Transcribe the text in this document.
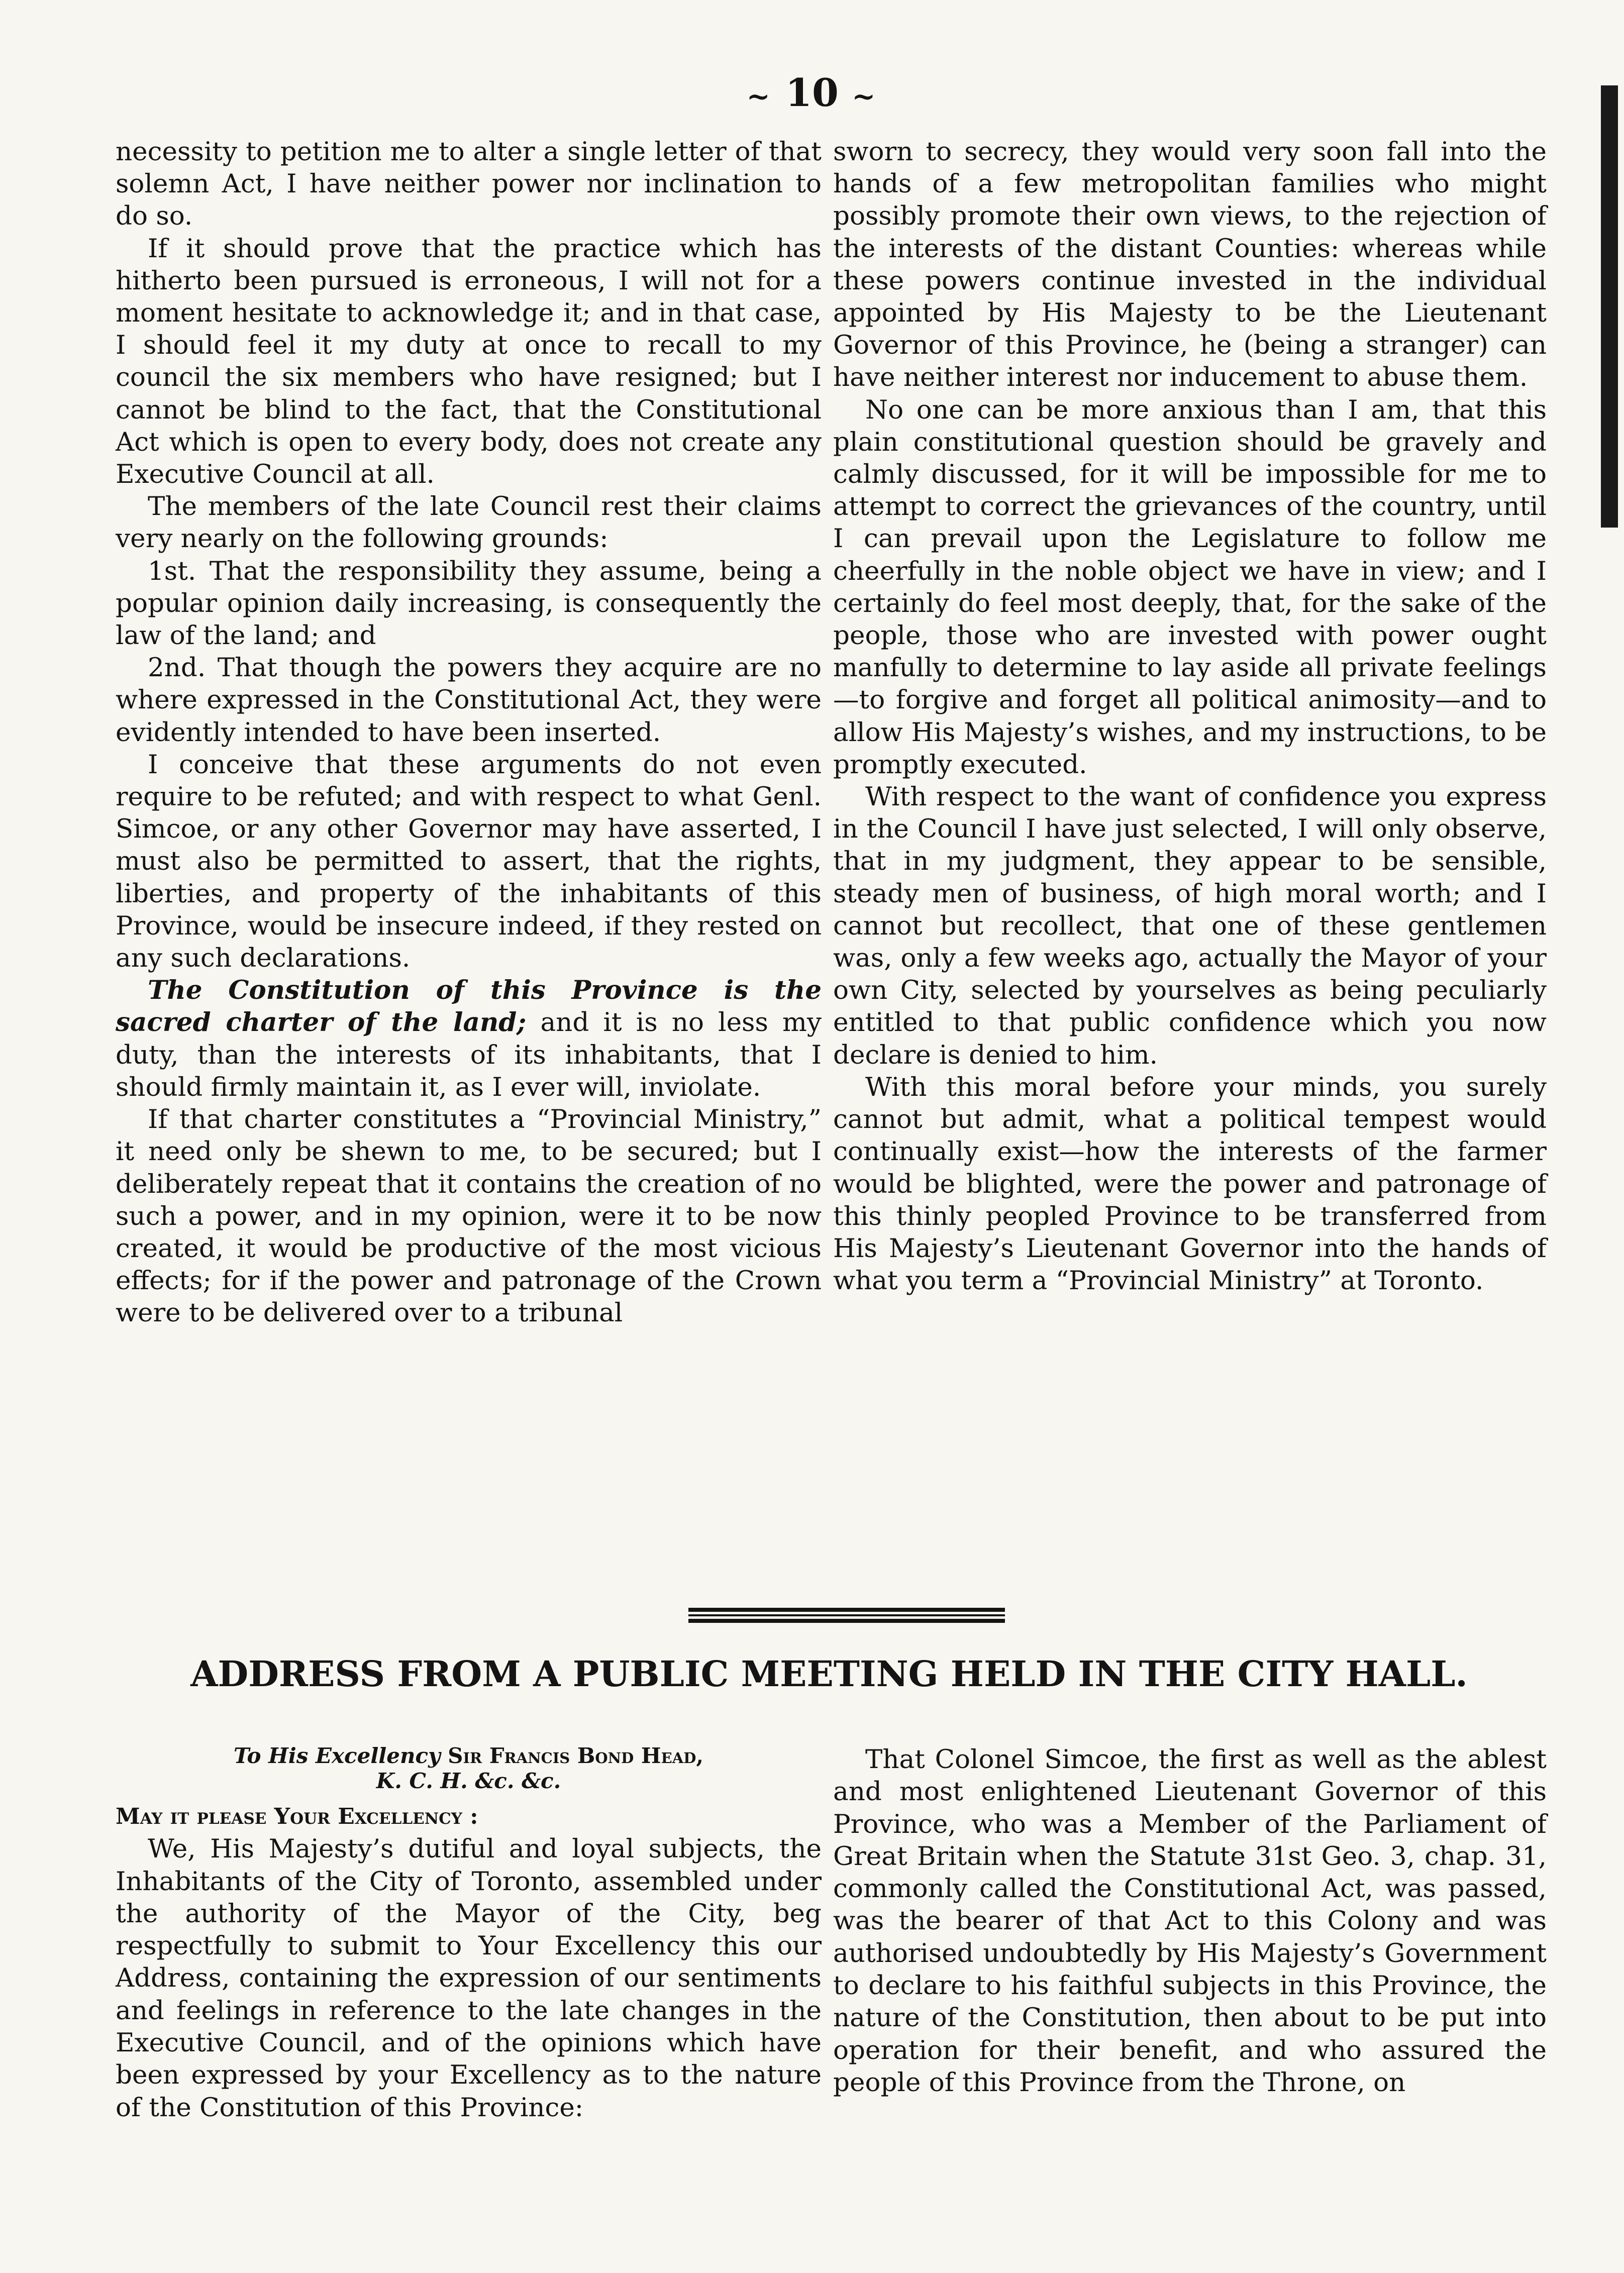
~ 10 ~

necessity to petition me to alter a single letter of that solemn Act, I have neither power nor inclination to do so.

If it should prove that the practice which has hitherto been pursued is erroneous, I will not for a moment hesitate to acknowledge it; and in that case, I should feel it my duty at once to recall to my council the six members who have resigned; but I cannot be blind to the fact, that the Constitutional Act which is open to every body, does not create any Executive Council at all.

The members of the late Council rest their claims very nearly on the following grounds:

1st. That the responsibility they assume, being a popular opinion daily increasing, is consequently the law of the land; and

2nd. That though the powers they acquire are no where expressed in the Constitutional Act, they were evidently intended to have been inserted.

I conceive that these arguments do not even require to be refuted; and with respect to what Genl. Simcoe, or any other Governor may have asserted, I must also be permitted to assert, that the rights, liberties, and property of the inhabitants of this Province, would be insecure indeed, if they rested on any such declarations.

The Constitution of this Province is the sacred charter of the land; and it is no less my duty, than the interests of its inhabitants, that I should firmly maintain it, as I ever will, inviolate.

If that charter constitutes a “Provincial Ministry,” it need only be shewn to me, to be secured; but I deliberately repeat that it contains the creation of no such a power, and in my opinion, were it to be now created, it would be productive of the most vicious effects; for if the power and patronage of the Crown were to be delivered over to a tribunal

sworn to secrecy, they would very soon fall into the hands of a few metropolitan families who might possibly promote their own views, to the rejection of the interests of the distant Counties: whereas while these powers continue invested in the individual appointed by His Majesty to be the Lieutenant Governor of this Province, he (being a stranger) can have neither interest nor inducement to abuse them.

No one can be more anxious than I am, that this plain constitutional question should be gravely and calmly discussed, for it will be impossible for me to attempt to correct the grievances of the country, until I can prevail upon the Legislature to follow me cheerfully in the noble object we have in view; and I certainly do feel most deeply, that, for the sake of the people, those who are invested with power ought manfully to determine to lay aside all private feelings—to forgive and forget all political animosity—and to allow His Majesty’s wishes, and my instructions, to be promptly executed.

With respect to the want of confidence you express in the Council I have just selected, I will only observe, that in my judgment, they appear to be sensible, steady men of business, of high moral worth; and I cannot but recollect, that one of these gentlemen was, only a few weeks ago, actually the Mayor of your own City, selected by yourselves as being peculiarly entitled to that public confidence which you now declare is denied to him.

With this moral before your minds, you surely cannot but admit, what a political tempest would continually exist—how the interests of the farmer would be blighted, were the power and patronage of this thinly peopled Province to be transferred from His Majesty’s Lieutenant Governor into the hands of what you term a “Provincial Ministry” at Toronto.

ADDRESS FROM A PUBLIC MEETING HELD IN THE CITY HALL.

To His Excellency Sir Francis Bond Head,
K. C. H. &c. &c.

May it please Your Excellency :

We, His Majesty’s dutiful and loyal subjects, the Inhabitants of the City of Toronto, assembled under the authority of the Mayor of the City, beg respectfully to submit to Your Excellency this our Address, containing the expression of our sentiments and feelings in reference to the late changes in the Executive Council, and of the opinions which have been expressed by your Excellency as to the nature of the Constitution of this Province:

That Colonel Simcoe, the first as well as the ablest and most enlightened Lieutenant Governor of this Province, who was a Member of the Parliament of Great Britain when the Statute 31st Geo. 3, chap. 31, commonly called the Constitutional Act, was passed, was the bearer of that Act to this Colony and was authorised undoubtedly by His Majesty’s Government to declare to his faithful subjects in this Province, the nature of the Constitution, then about to be put into operation for their benefit, and who assured the people of this Province from the Throne, on
